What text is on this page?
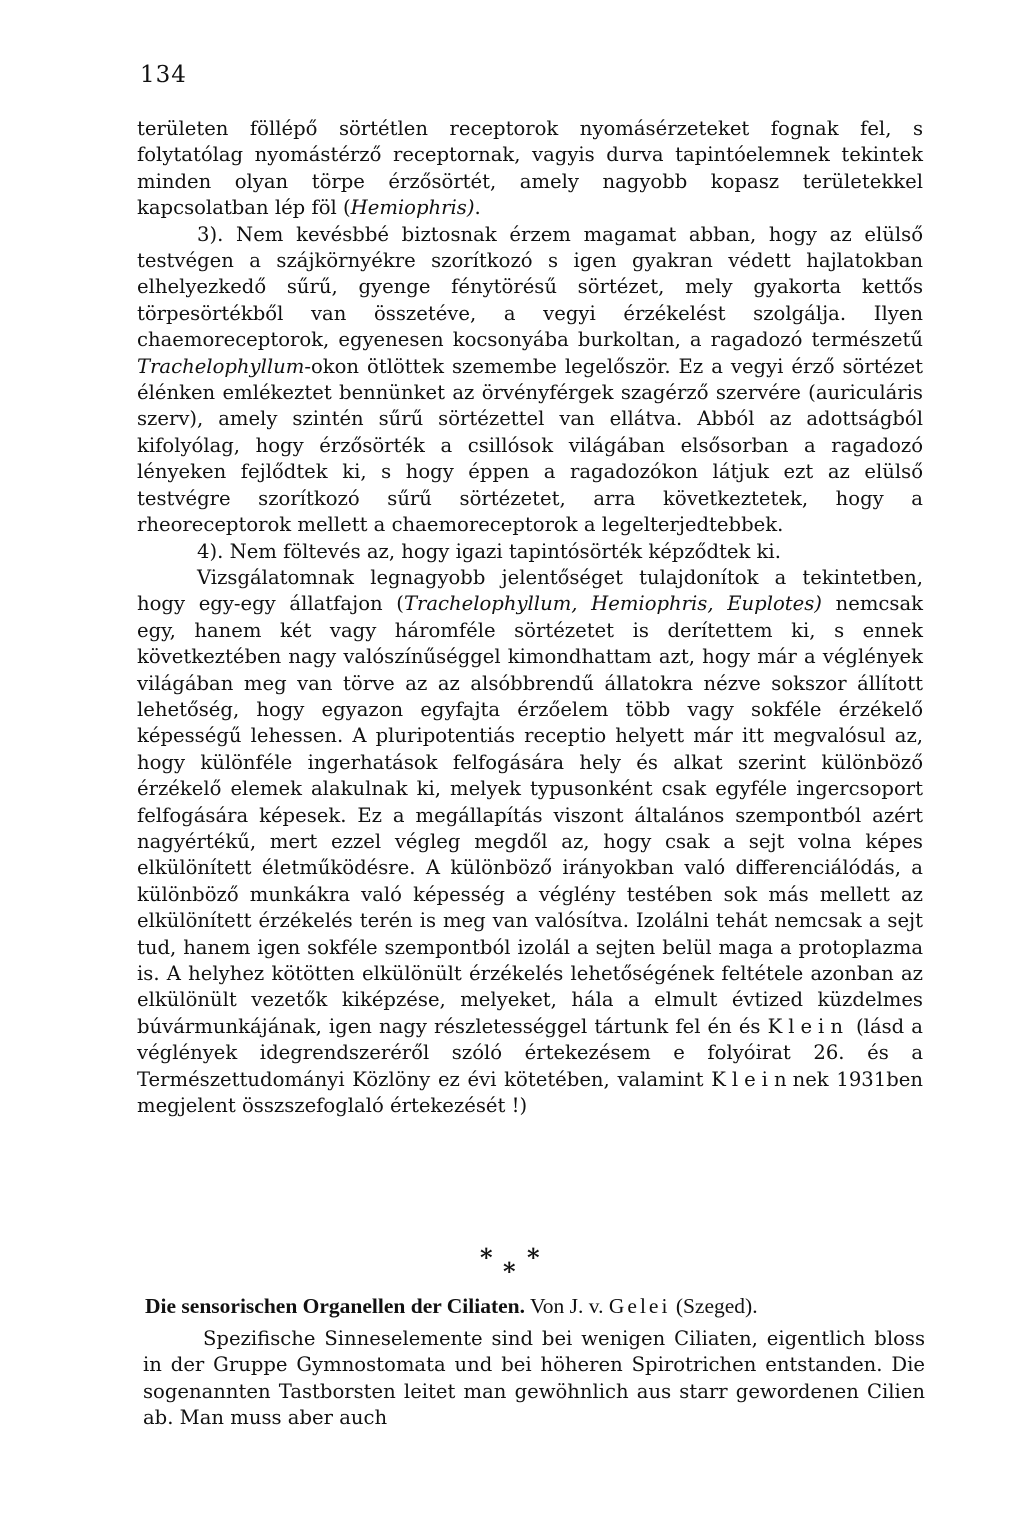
134

területen föllépő sörtétlen receptorok nyomásérzeteket fognak fel, s folytatólag nyomástérző receptornak, vagyis durva tapintóelemnek tekintek minden olyan törpe érzősörtét, amely nagyobb kopasz területekkel kapcsolatban lép föl (Hemiophris).

3). Nem kevésbbé biztosnak érzem magamat abban, hogy az elülső testvégen a szájkörnyékre szorítkozó s igen gyakran védett hajlatokban elhelyezkedő sűrű, gyenge fénytörésű sörtézet, mely gyakorta kettős törpesörtékből van összetéve, a vegyi érzékelést szolgálja. Ilyen chaemoreceptorok, egyenesen kocsonyába burkoltan, a ragadozó természetű Trachelophyllum-okon ötlöttek szemembe legelőször. Ez a vegyi érző sörtézet élénken emlékeztet bennünket az örvényférgek szagérző szervére (auriculáris szerv), amely szintén sűrű sörtézettel van ellátva. Abból az adottságból kifolyólag, hogy érzősörték a csillósok világában elsősorban a ragadozó lényeken fejlődtek ki, s hogy éppen a ragadozókon látjuk ezt az elülső testvégre szorítkozó sűrű sörtézetet, arra következtetek, hogy a rheoreceptorok mellett a chaemoreceptorok a legelterjedtebbek.

4). Nem föltevés az, hogy igazi tapintósörték képződtek ki.

Vizsgálatomnak legnagyobb jelentőséget tulajdonítok a tekintetben, hogy egy-egy állatfajon (Trachelophyllum, Hemiophris, Euplotes) nemcsak egy, hanem két vagy háromféle sörtézetet is derítettem ki, s ennek következtében nagy valószínűséggel kimondhattam azt, hogy már a véglények világában meg van törve az az alsóbbrendű állatokra nézve sokszor állított lehetőség, hogy egyazon egyfajta érzőelem több vagy sokféle érzékelő képességű lehessen. A pluripotentiás receptio helyett már itt megvalósul az, hogy különféle ingerhatások felfogására hely és alkat szerint különböző érzékelő elemek alakulnak ki, melyek typusonként csak egyféle ingercsoport felfogására képesek. Ez a megállapítás viszont általános szempontból azért nagyértékű, mert ezzel végleg megdől az, hogy csak a sejt volna képes elkülönített életműködésre. A különböző irányokban való differenciálódás, a különböző munkákra való képesség a véglény testében sok más mellett az elkülönített érzékelés terén is meg van valósítva. Izolálni tehát nemcsak a sejt tud, hanem igen sokféle szempontból izolál a sejten belül maga a protoplazma is. A helyhez kötötten elkülönült érzékelés lehetőségének feltétele azonban az elkülönült vezetők kiképzése, melyeket, hála a elmult évtized küzdelmes búvármunkájának, igen nagy részletességgel tártunk fel én és Klein (lásd a véglények idegrendszeréről szóló értekezésem e folyóirat 26. és a Természettudományi Közlöny ez évi kötetében, valamint Kleinnek 1931ben megjelent összszefoglaló értekezését !)

* * *
Die sensorischen Organellen der Ciliaten. Von J. v. Gelei (Szeged).

Spezifische Sinneselemente sind bei wenigen Ciliaten, eigentlich bloss in der Gruppe Gymnostomata und bei höheren Spirotrichen entstanden. Die sogenannten Tastborsten leitet man gewöhnlich aus starr gewordenen Cilien ab. Man muss aber auch
